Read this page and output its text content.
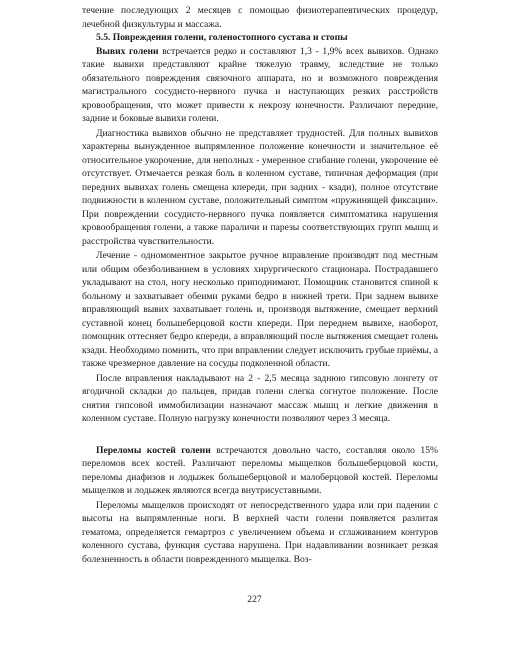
течение последующих 2 месяцев с помощью физиотерапевтических процедур, лечебной физкультуры и массажа.

5.5. Повреждения голени, голеностопного сустава и стопы

Вывих голени встречается редко и составляют 1,3 - 1,9% всех вывихов. Однако такие вывихи представляют крайне тяжелую травму, вследствие не только обязательного повреждения связочного аппарата, но и возможного повреждения магистрального сосудисто-нервного пучка и наступающих резких расстройств кровообращения, что может привести к некрозу конечности. Различают передние, задние и боковые вывихи голени.

Диагностика вывихов обычно не представляет трудностей. Для полных вывихов характерны вынужденное выпрямленное положение конечности и значительное её относительное укорочение, для неполных - умеренное сгибание голени, укорочение её отсутствует. Отмечается резкая боль в коленном суставе, типичная деформация (при передних вывихах голень смещена кпереди, при задних - кзади), полное отсутствие подвижности в коленном суставе, положительный симптом «пружинящей фиксации». При повреждении сосудисто-нервного пучка появляется симптоматика нарушения кровообращения голени, а также параличи и парезы соответствующих групп мышц и расстройства чувствительности.

Лечение - одномоментное закрытое ручное вправление производят под местным или общим обезболиванием в условиях хирургического стационара. Пострадавшего укладывают на стол, ногу несколько приподнимают. Помощник становится спиной к больному и захватывает обеими руками бедро в нижней трети. При заднем вывихе вправляющий вывих захватывает голень и, производя вытяжение, смещает верхний суставной конец большеберцовой кости кпереди. При переднем вывихе, наоборот, помощник оттесняет бедро кпереди, а вправляющий после вытяжения смещает голень кзади. Необходимо помнить, что при вправлении следует исключить грубые приёмы, а также чрезмерное давление на сосуды подколенной области.

После вправления накладывают на 2 - 2,5 месяца заднюю гипсовую лонгету от ягодичной складки до пальцев, придав голени слегка согнутое положение. После снятия гипсовой иммобилизации назначают массаж мышц и легкие движения в коленном суставе. Полную нагрузку конечности позволяют через 3 месяца.

Переломы костей голени встречаются довольно часто, составляя около 15% переломов всех костей. Различают переломы мыщелков большеберцовой кости, переломы диафизов и лодыжек большеберцовой и малоберцовой костей. Переломы мыщелков и лодыжек являются всегда внутрисуставными.

Переломы мыщелков происходят от непосредственного удара или при падении с высоты на выпрямленные ноги. В верхней части голени появляется разлитая гематома, определяется гемартроз с увеличением объема и сглаживанием контуров коленного сустава, функция сустава нарушена. При надавливании возникает резкая болезненность в области поврежденного мыщелка. Воз-

227
